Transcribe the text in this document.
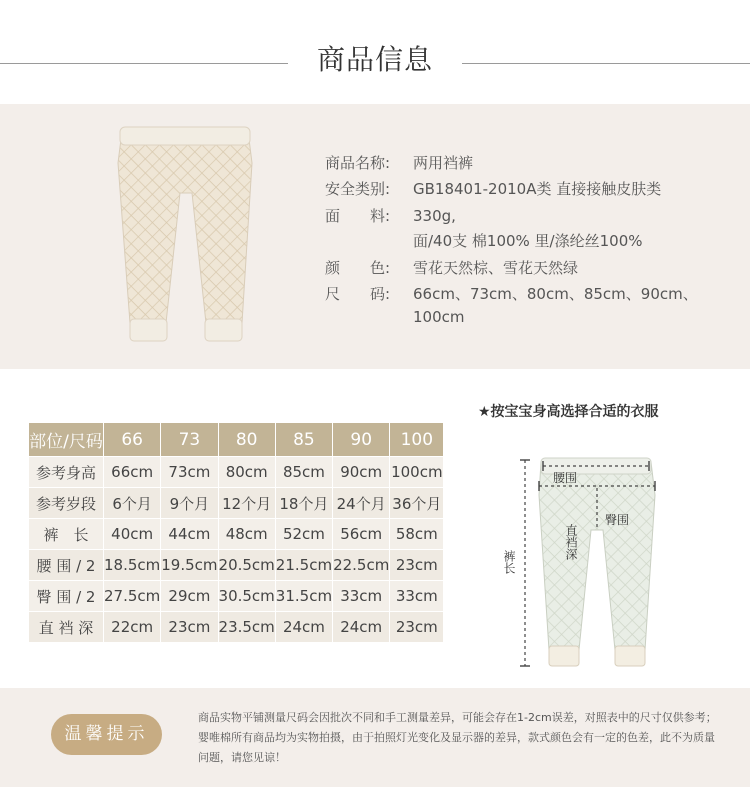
商品信息
商品名称: 两用裆裤
安全类别: GB18401-2010A类 直接接触皮肤类
面　　料: 330g,
面/40支 棉100% 里/涤纶丝100%
颜　　色: 雪花天然棕、雪花天然绿
尺　　码: 66cm、73cm、80cm、85cm、90cm、
100cm
部位/尺码	66	73	80	85	90	100
参考身高	66cm	73cm	80cm	85cm	90cm	100cm
参考岁段	6个月	9个月	12个月	18个月	24个月	36个月
裤　长	40cm	44cm	48cm	52cm	56cm	58cm
腰 围 / 2	18.5cm	19.5cm	20.5cm	21.5cm	22.5cm	23cm
臀 围 / 2	27.5cm	29cm	30.5cm	31.5cm	33cm	33cm
直 裆 深	22cm	23cm	23.5cm	24cm	24cm	23cm
★按宝宝身高选择合适的衣服
腰围
臀围
直裆深
裤长
温馨提示
商品实物平铺测量尺码会因批次不同和手工测量差异，可能会存在1-2cm误差，对照表中的尺寸仅供参考；婴唯棉所有商品均为实物拍摄，由于拍照灯光变化及显示器的差异，款式颜色会有一定的色差，此不为质量问题，请您见谅！
